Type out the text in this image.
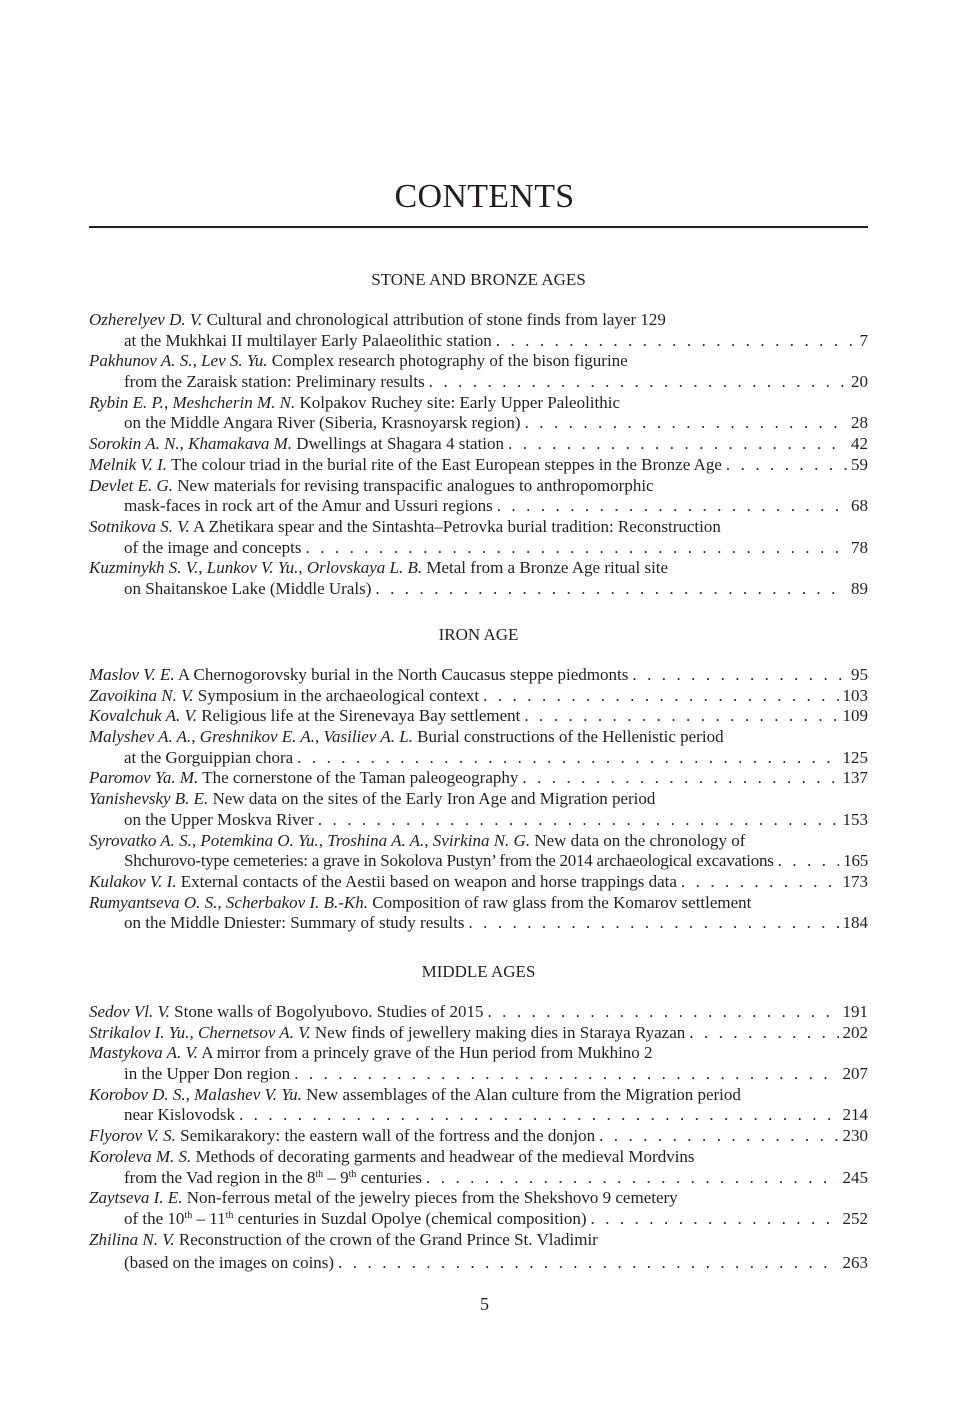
CONTENTS
STONE AND BRONZE AGES
Ozherelyev D. V. Cultural and chronological attribution of stone finds from layer 129
at the Mukhkai II multilayer Early Palaeolithic station . . .	7
Pakhunov A. S., Lev S. Yu. Complex research photography of the bison figurine
from the Zaraisk station: Preliminary results . . .	20
Rybin E. P., Meshcherin M. N. Kolpakov Ruchey site: Early Upper Paleolithic
on the Middle Angara River (Siberia, Krasnoyarsk region) . . .	28
Sorokin A. N., Khamakava M. Dwellings at Shagara 4 station . . .	42
Melnik V. I. The colour triad in the burial rite of the East European steppes in the Bronze Age . . .	59
Devlet E. G. New materials for revising transpacific analogues to anthropomorphic
mask-faces in rock art of the Amur and Ussuri regions . . .	68
Sotnikova S. V. A Zhetikara spear and the Sintashta–Petrovka burial tradition: Reconstruction
of the image and concepts . . .	78
Kuzminykh S. V., Lunkov V. Yu., Orlovskaya L. B. Metal from a Bronze Age ritual site
on Shaitanskoe Lake (Middle Urals) . . .	89
IRON AGE
Maslov V. E. A Chernogorovsky burial in the North Caucasus steppe piedmonts . . .	95
Zavoikina N. V. Symposium in the archaeological context . . .	103
Kovalchuk A. V. Religious life at the Sirenevaya Bay settlement . . .	109
Malyshev A. A., Greshnikov E. A., Vasiliev A. L. Burial constructions of the Hellenistic period
at the Gorguippian chora . . .	125
Paromov Ya. M. The cornerstone of the Taman paleogeography . . .	137
Yanishevsky B. E. New data on the sites of the Early Iron Age and Migration period
on the Upper Moskva River . . .	153
Syrovatko A. S., Potemkina O. Yu., Troshina A. A., Svirkina N. G. New data on the chronology of
Shchurovo-type cemeteries: a grave in Sokolova Pustyn’ from the 2014 archaeological excavations . . .	165
Kulakov V. I. External contacts of the Aestii based on weapon and horse trappings data . . .	173
Rumyantseva O. S., Scherbakov I. B.-Kh. Composition of raw glass from the Komarov settlement
on the Middle Dniester: Summary of study results . . .	184
MIDDLE AGES
Sedov Vl. V. Stone walls of Bogolyubovo. Studies of 2015 . . .	191
Strikalov I. Yu., Chernetsov A. V. New finds of jewellery making dies in Staraya Ryazan . . .	202
Mastykova A. V. A mirror from a princely grave of the Hun period from Mukhino 2
in the Upper Don region . . .	207
Korobov D. S., Malashev V. Yu. New assemblages of the Alan culture from the Migration period
near Kislovodsk . . .	214
Flyorov V. S. Semikarakory: the eastern wall of the fortress and the donjon . . .	230
Koroleva M. S. Methods of decorating garments and headwear of the medieval Mordvins
from the Vad region in the 8th – 9th centuries . . .	245
Zaytseva I. E. Non-ferrous metal of the jewelry pieces from the Shekshovo 9 cemetery
of the 10th – 11th centuries in Suzdal Opolye (chemical composition) . . .	252
Zhilina N. V. Reconstruction of the crown of the Grand Prince St. Vladimir
(based on the images on coins) . . .	263
5
